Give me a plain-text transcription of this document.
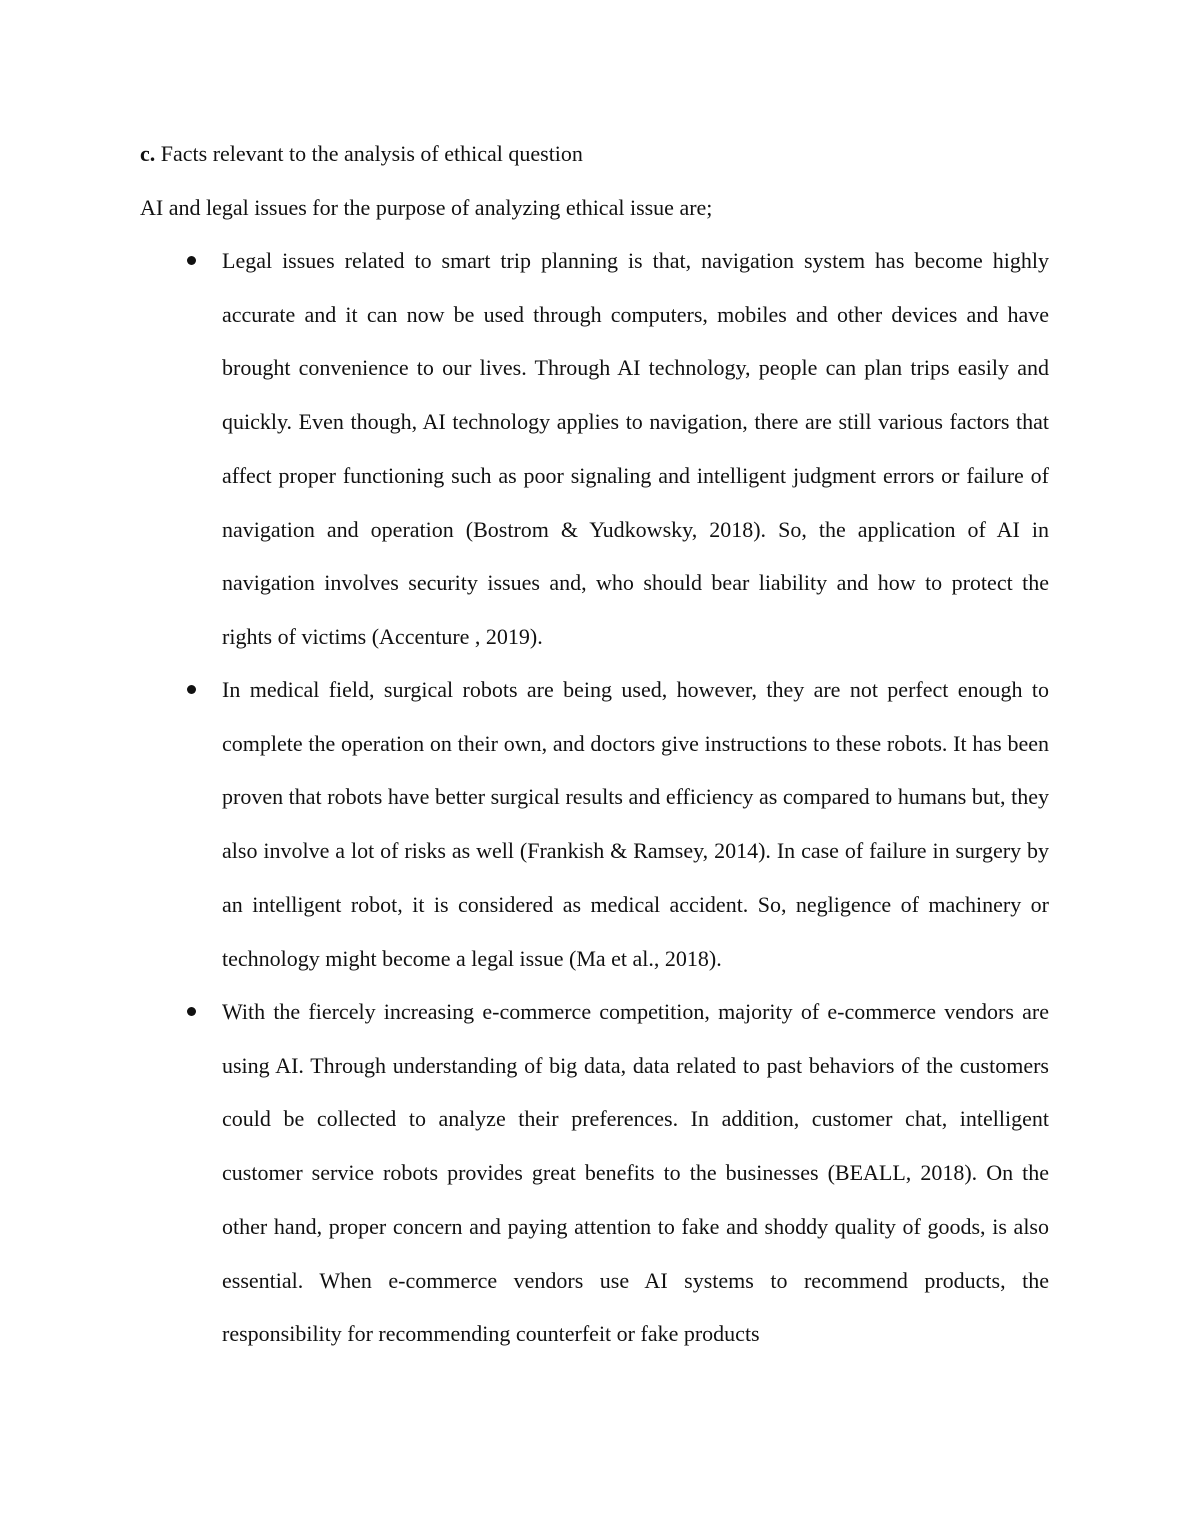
c. Facts relevant to the analysis of ethical question
AI and legal issues for the purpose of analyzing ethical issue are;
Legal issues related to smart trip planning is that, navigation system has become highly accurate and it can now be used through computers, mobiles and other devices and have brought convenience to our lives. Through AI technology, people can plan trips easily and quickly. Even though, AI technology applies to navigation, there are still various factors that affect proper functioning such as poor signaling and intelligent judgment errors or failure of navigation and operation (Bostrom & Yudkowsky, 2018). So, the application of AI in navigation involves security issues and, who should bear liability and how to protect the rights of victims (Accenture , 2019).
In medical field, surgical robots are being used, however, they are not perfect enough to complete the operation on their own, and doctors give instructions to these robots. It has been proven that robots have better surgical results and efficiency as compared to humans but, they also involve a lot of risks as well (Frankish & Ramsey, 2014). In case of failure in surgery by an intelligent robot, it is considered as medical accident. So, negligence of machinery or technology might become a legal issue (Ma et al., 2018).
With the fiercely increasing e-commerce competition, majority of e-commerce vendors are using AI. Through understanding of big data, data related to past behaviors of the customers could be collected to analyze their preferences. In addition, customer chat, intelligent customer service robots provides great benefits to the businesses (BEALL, 2018). On the other hand, proper concern and paying attention to fake and shoddy quality of goods, is also essential. When e-commerce vendors use AI systems to recommend products, the responsibility for recommending counterfeit or fake products
